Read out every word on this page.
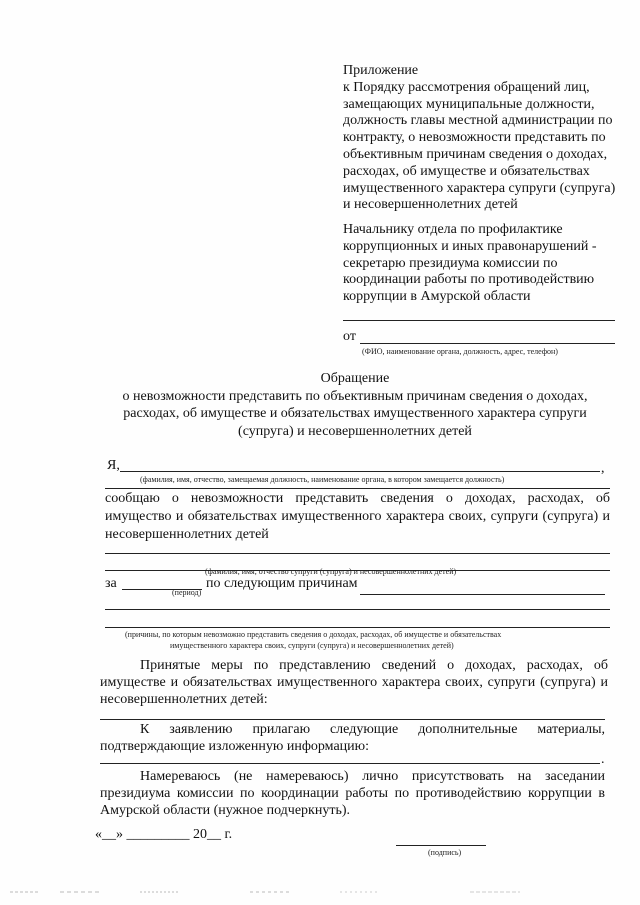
Приложение
к Порядку рассмотрения обращений лиц,
замещающих муниципальные должности,
должность главы местной администрации по
контракту, о невозможности представить по
объективным причинам сведения о доходах,
расходах, об имуществе и обязательствах
имущественного характера супруги (супруга)
и несовершеннолетних детей
Начальнику отдела по профилактике
коррупционных и иных правонарушений -
секретарю президиума комиссии по
координации работы по противодействию
коррупции в Амурской области
от
(ФИО, наименование органа, должность, адрес, телефон)
Обращение
о невозможности представить по объективным причинам сведения о доходах,
расходах, об имуществе и обязательствах имущественного характера супруги
(супруга) и несовершеннолетних детей
Я,	,
(фамилия, имя, отчество, замещаемая должность, наименование органа, в котором замещается должность)
сообщаю о невозможности представить сведения о доходах, расходах, об
имущество и обязательствах имущественного характера своих, супруги (супруга) и
несовершеннолетних детей
(фамилия, имя, отчество супруги (супруга) и несовершеннолетних детей)
за	по следующим причинам
(период)
(причины, по которым невозможно представить сведения о доходах, расходах, об имуществе и обязательствах
имущественного характера своих, супруги (супруга) и несовершеннолетних детей)
Принятые меры по представлению сведений о доходах, расходах, об
имуществе и обязательствах имущественного характера своих, супруги (супруга) и
несовершеннолетних детей:
К заявлению прилагаю следующие дополнительные материалы,
подтверждающие изложенную информацию:
.
Намереваюсь (не намереваюсь) лично присутствовать на заседании
президиума комиссии по координации работы по противодействию коррупции в
Амурской области (нужное подчеркнуть).
«__» _________ 20__ г.
(подпись)
